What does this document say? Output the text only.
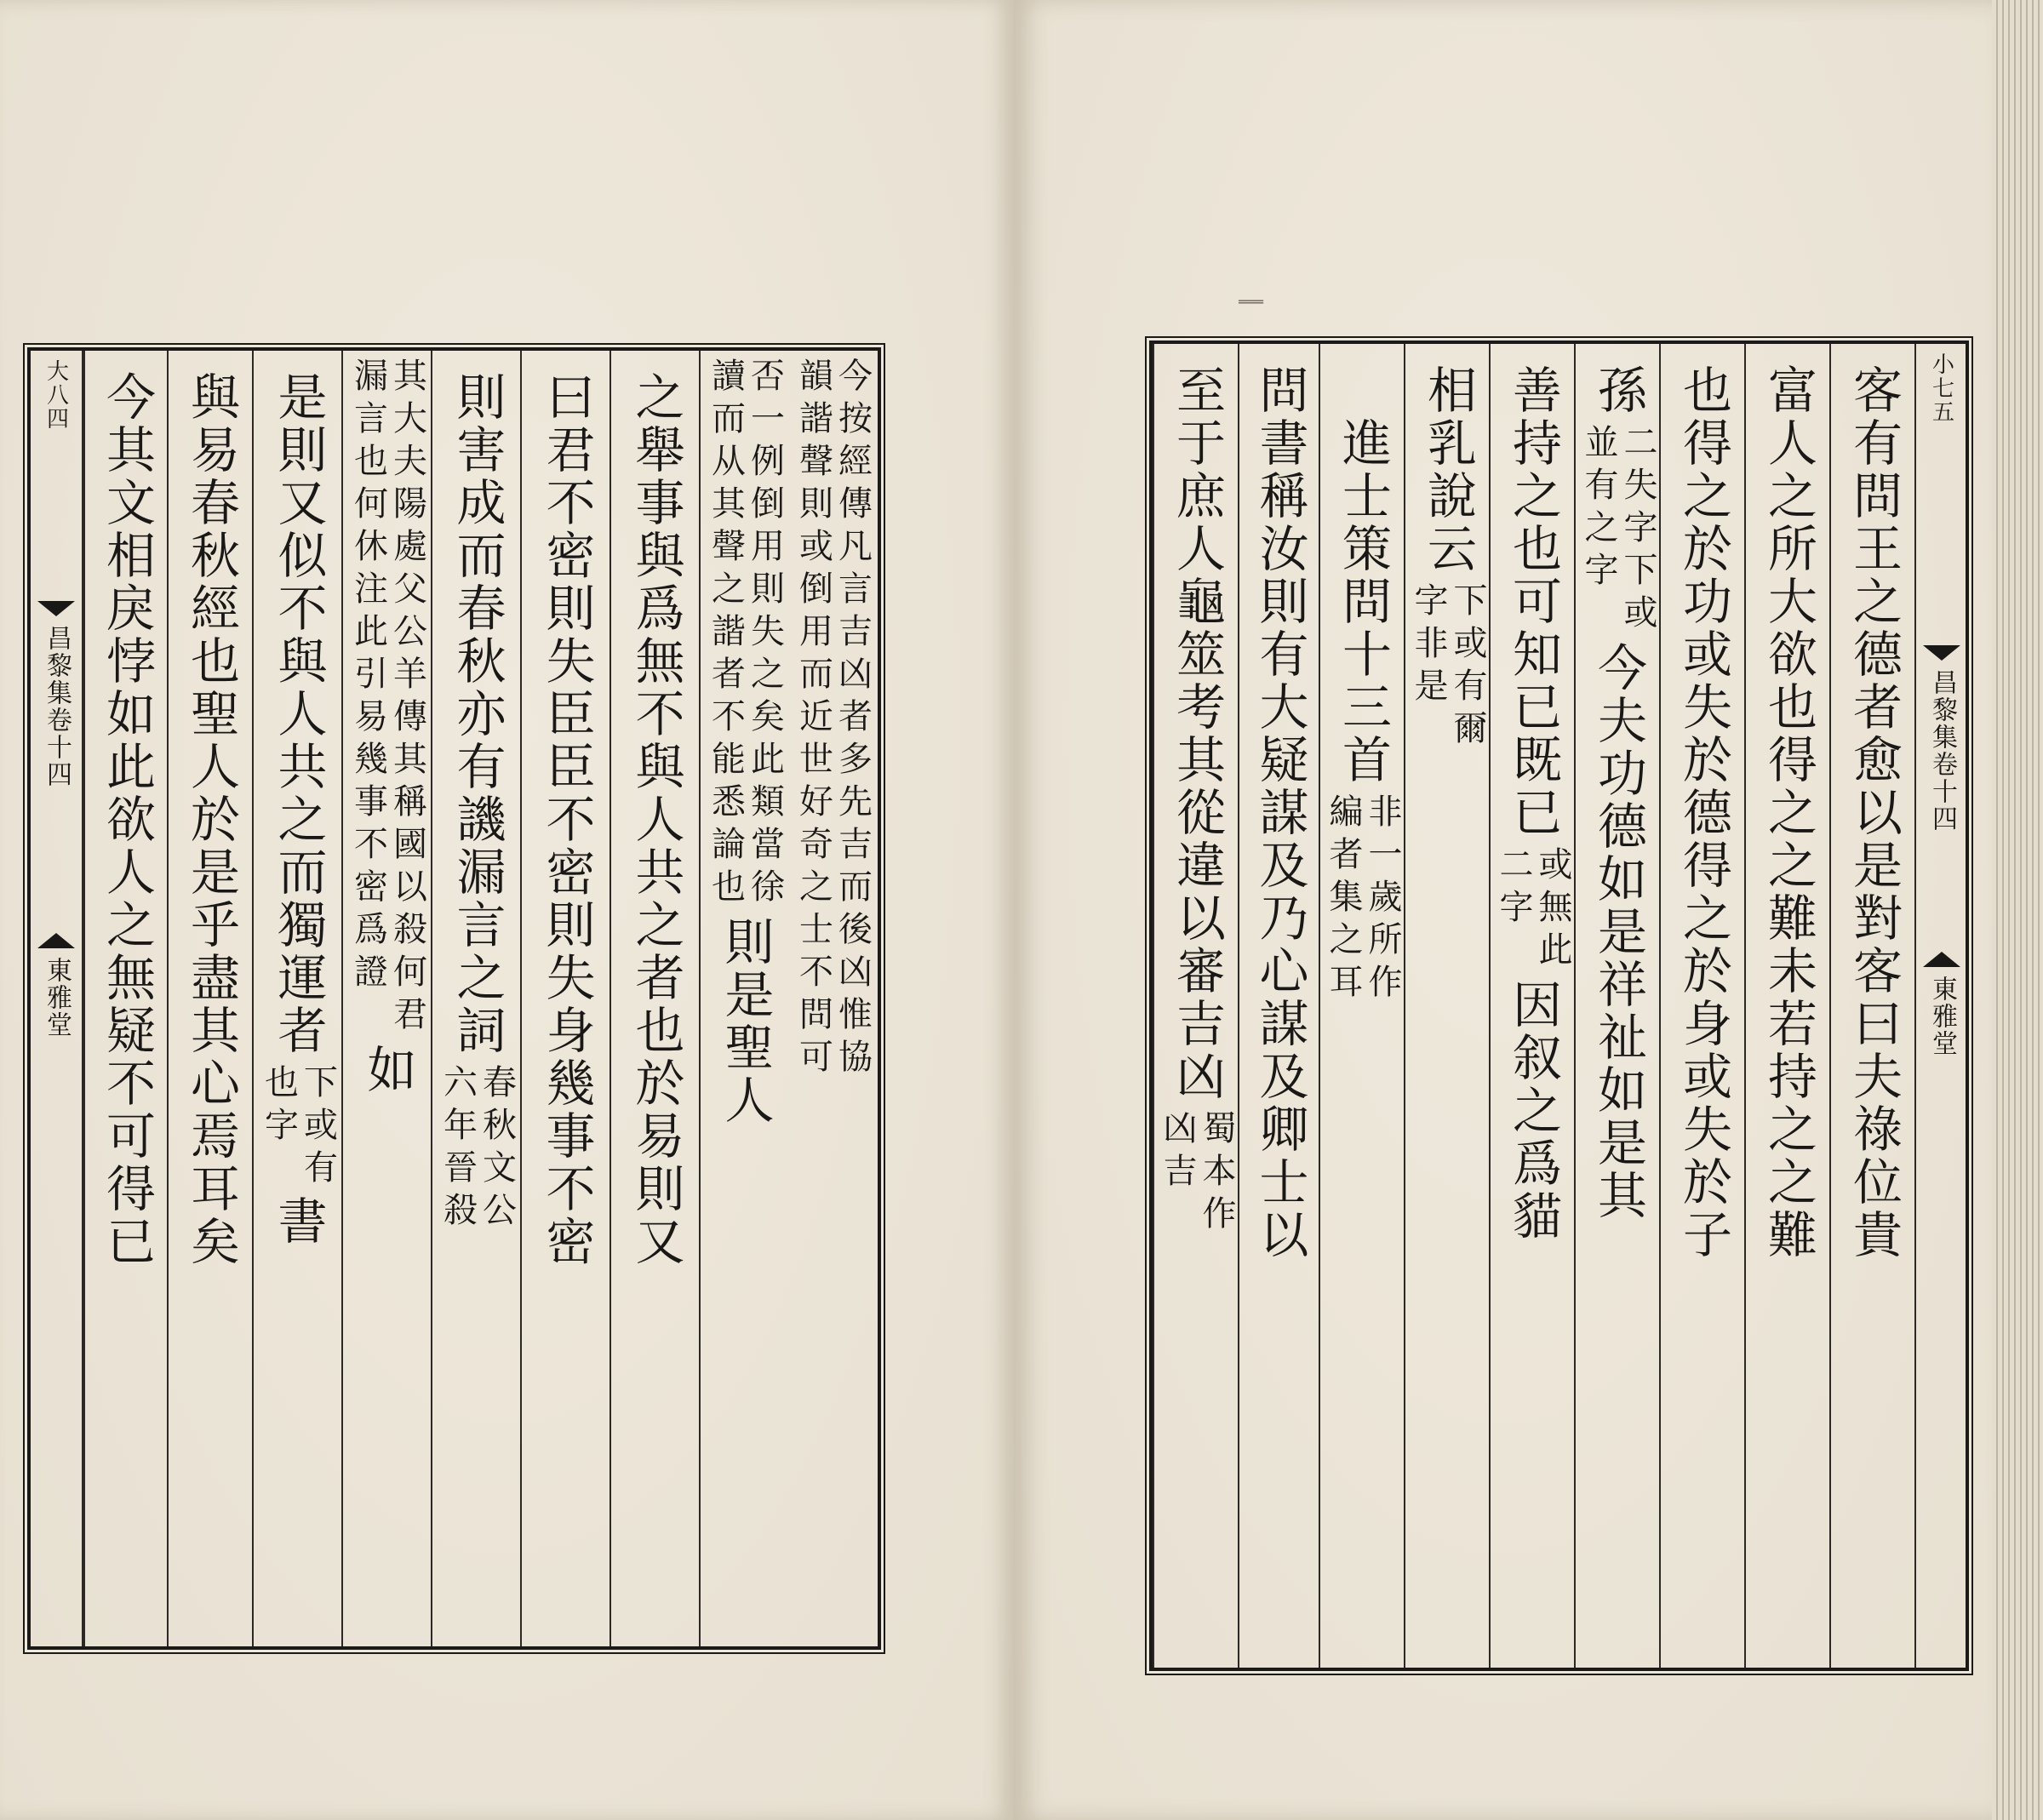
大八四
昌黎集卷十四
東雅堂	今按經傳凡言吉凶者多先吉而後凶惟協
韻諧聲則或倒用而近世好奇之士不問可
否一例倒用則失之矣此類當徐
讀而从其聲之諧者不能悉論也
則是聖人
之舉事與爲無不與人共之者也於易則又
曰君不密則失臣臣不密則失身幾事不密
則害成而春秋亦有譏漏言之詞
春秋文公
六年晉殺
其大夫陽處父公羊傳其稱國以殺何君
漏言也何休注此引易幾事不密爲證
如
是則又似不與人共之而獨運者
下或有
也字
書
與易春秋經也聖人於是乎盡其心焉耳矣
今其文相戾悖如此欲人之無疑不可得已
═══
小七五
昌黎集卷十四
東雅堂
客有問王之德者愈以是對客曰夫祿位貴
富人之所大欲也得之之難未若持之之難
也得之於功或失於德得之於身或失於子
孫
二失字下或
並有之字
今夫功德如是祥祉如是其
善持之也可知已既已
或無此
二字
因叙之爲貓
相乳說云
下或有爾
字非是
　進士策問十三首
非一歲所作
編者集之耳
問書稱汝則有大疑謀及乃心謀及卿士以
至于庶人龜筮考其從違以審吉凶
蜀本作
凶吉
